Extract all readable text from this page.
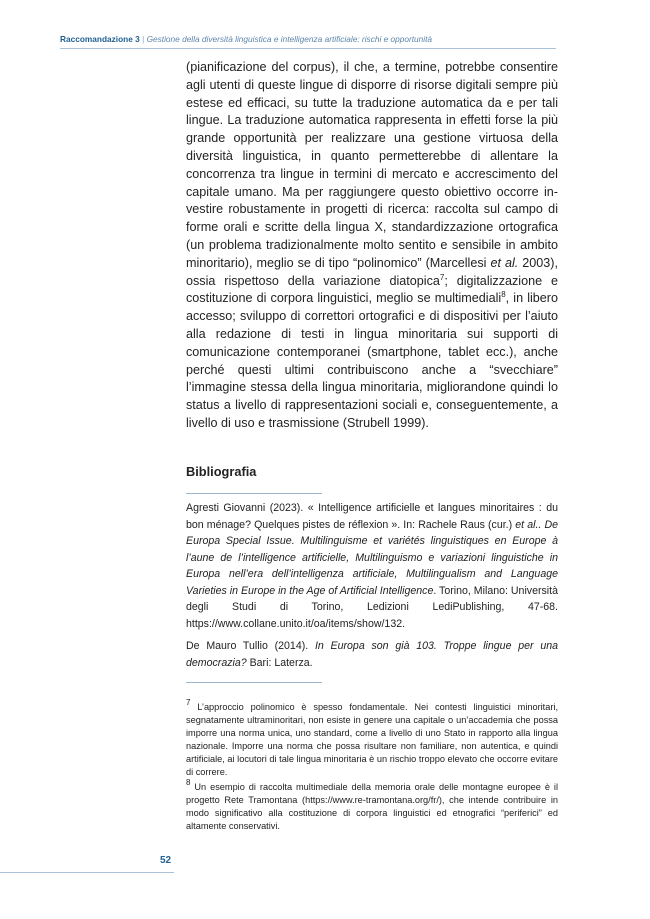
Raccomandazione 3 | Gestione della diversità linguistica e intelligenza artificiale: rischi e opportunità

(pianificazione del corpus), il che, a termine, potrebbe consentire agli utenti di queste lingue di disporre di risorse digitali sempre più estese ed efficaci, su tutte la traduzione automatica da e per tali lingue. La traduzione automatica rappresenta in effetti forse la più grande opportunità per realizzare una gestione virtuosa della diversità linguistica, in quanto permetterebbe di allentare la concorrenza tra lingue in termini di mercato e accrescimento del capitale umano. Ma per raggiungere questo obiettivo occorre investire robustamente in progetti di ricerca: raccolta sul campo di forme orali e scritte della lingua X, standardizzazione ortografica (un problema tradizionalmente molto sentito e sensibile in ambito minoritario), meglio se di tipo “polinomico” (Marcellesi et al. 2003), ossia rispettoso della variazione diatopica$^7$; digitalizzazione e costituzione di corpora linguistici, meglio se multimediali$^8$, in libero accesso; sviluppo di correttori ortografici e di dispositivi per l’aiuto alla redazione di testi in lingua minoritaria sui supporti di comunicazione contemporanei (smartphone, tablet ecc.), anche perché questi ultimi contribuiscono anche a “svecchiare” l’immagine stessa della lingua minoritaria, migliorandone quindi lo status a livello di rappresentazioni sociali e, conseguentemente, a livello di uso e trasmissione (Strubell 1999).

Bibliografia

Agresti Giovanni (2023). « Intelligence artificielle et langues minoritaires : du bon ménage? Quelques pistes de réflexion ». In: Rachele Raus (cur.) et al.. De Europa Special Issue. Multilinguisme et variétés linguistiques en Europe à l’aune de l’intelligence artificielle, Multilinguismo e variazioni linguistiche in Europa nell’era dell’intelligenza artificiale, Multilingualism and Language Varieties in Europe in the Age of Artificial Intelligence. Torino, Milano: Università degli Studi di Torino, Ledizioni LediPublishing, 47-68. https://www.collane.unito.it/oa/items/show/132.

De Mauro Tullio (2014). In Europa son già 103. Troppe lingue per una democrazia? Bari: Laterza.

$^7$ L’approccio polinomico è spesso fondamentale. Nei contesti linguistici minoritari, segnatamente ultraminoritari, non esiste in genere una capitale o un’accademia che possa imporre una norma unica, uno standard, come a livello di uno Stato in rapporto alla lingua nazionale. Imporre una norma che possa risultare non familiare, non autentica, e quindi artificiale, ai locutori di tale lingua minoritaria è un rischio troppo elevato che occorre evitare di correre.

$^8$ Un esempio di raccolta multimediale della memoria orale delle montagne europee è il progetto Rete Tramontana (https://www.re-tramontana.org/fr/), che intende contribuire in modo significativo alla costituzione di corpora linguistici ed etnografici “periferici” ed altamente conservativi.

52
